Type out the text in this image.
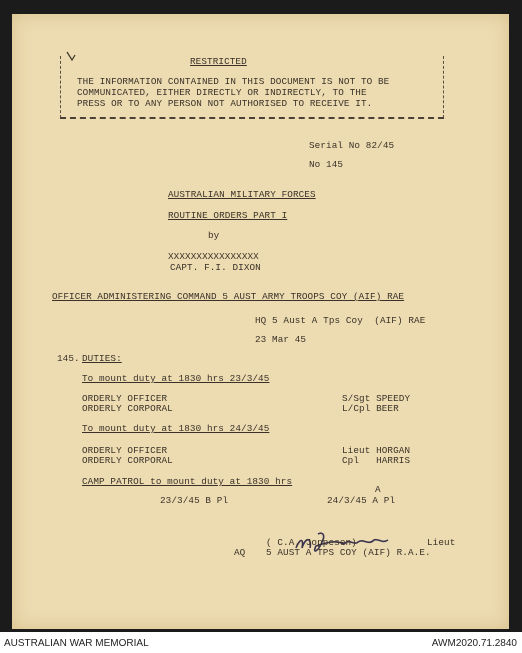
RESTRICTED
THE INFORMATION CONTAINED IN THIS DOCUMENT IS NOT TO BE
COMMUNICATED, EITHER DIRECTLY OR INDIRECTLY, TO THE
PRESS OR TO ANY PERSON NOT AUTHORISED TO RECEIVE IT.
Serial No 82/45
No 145
AUSTRALIAN MILITARY FORCES
ROUTINE ORDERS PART I
by
XXXXXXXXXXXXXXXX
CAPT. F.I. DIXON
OFFICER ADMINISTERING COMMAND 5 AUST ARMY TROOPS COY (AIF) RAE
HQ 5 Aust A Tps Coy  (AIF) RAE
23 Mar 45
145. DUTIES:
To mount duty at 1830 hrs 23/3/45
ORDERLY OFFICER
ORDERLY CORPORAL
S/Sgt SPEEDY
L/Cpl BEER
To mount duty at 1830 hrs 24/3/45
ORDERLY OFFICER
ORDERLY CORPORAL
Lieut HORGAN
Cpl   HARRIS
CAMP PATROL to mount duty at 1830 hrs
23/3/45 B Pl
A
24/3/45 A Pl
( C.A. Joppesen)	Lieut
AQ 5 AUST A TPS COY (AIF) R.A.E.
AUSTRALIAN WAR MEMORIAL	AWM2020.71.2840
